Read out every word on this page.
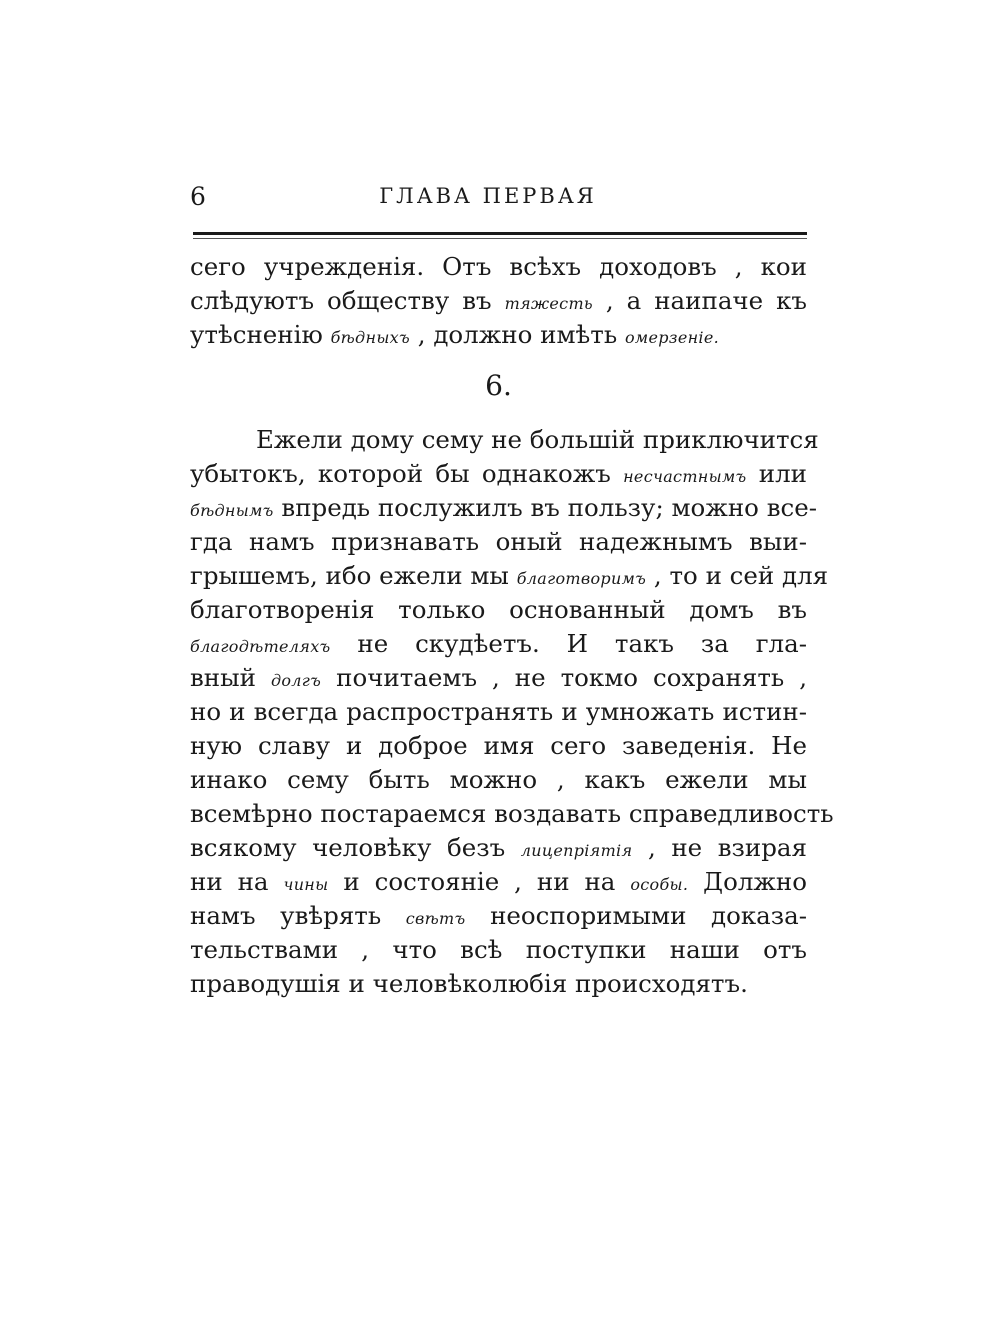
6	ГЛАВА ПЕРВАЯ
сего учрежденія. Отъ всѣхъ доходовъ , кои
слѣдуютъ обществу въ тяжесть , а наипаче къ
утѣсненію бѣдныхъ , должно имѣть омерзеніе.
6.
Ежели дому сему не большій приключится
убытокъ, которой бы однакожъ несчастнымъ или
бѣднымъ впредь послужилъ въ пользу; можно все-
гда намъ признавать оный надежнымъ выи-
грышемъ, ибо ежели мы благотворимъ , то и сей для
благотворенія только основанный домъ въ
благодѣтеляхъ не скудѣетъ. И такъ за гла-
вный долгъ почитаемъ , не токмо сохранять ,
но и всегда распространять и умножать истин-
ную славу и доброе имя сего заведенія. Не
инако сему быть можно , какъ ежели мы
всемѣрно постараемся воздавать справедливость
всякому человѣку безъ лицепріятія , не взирая
ни на чины и состояніе , ни на особы. Должно
намъ увѣрять свѣтъ неоспоримыми доказа-
тельствами , что всѣ поступки наши отъ
праводушія и человѣколюбія происходятъ.
